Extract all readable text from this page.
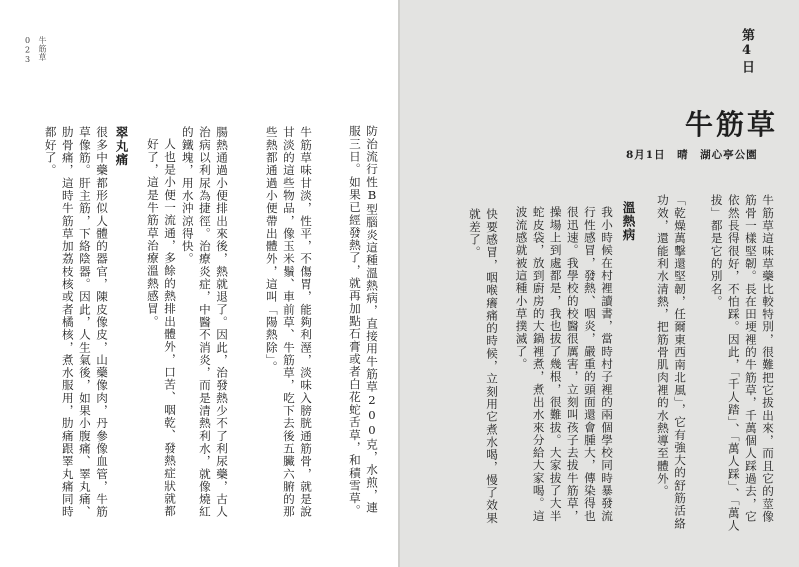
023 牛筋草
防治流行性B型腦炎這種溫熱病，直接用牛筋草200克，水煎，連服三日。如果已經發熱了，就再加點石膏或者白花蛇舌草，和積雪草。
牛筋草味甘淡，性平，不傷胃，能夠利溼，淡味入膀胱通筋骨，就是說甘淡的這些物品，像玉米鬚、車前草、牛筋草，吃下去後五臟六腑的那些熱都通過小便帶出體外，這叫「陽熱除」。
腸熱通過小便排出來後，熱就退了。因此，治發熱少不了利尿藥，古人治病以利尿為捷徑。治療炎症，中醫不消炎，而是清熱利水，就像燒紅的鐵塊，用水沖涼得快。
人也是小便一流通，多餘的熱排出體外，口苦、咽乾、發熱症狀就都好了，這是牛筋草治療溫熱感冒。
翠丸痛
很多中藥都形似人體的器官，陳皮像皮，山藥像肉，丹參像血管，牛筋草像筋。肝主筋，下絡陰器。因此，人生氣後，如果小腹痛、睪丸痛、肋骨痛，這時牛筋草加荔枝核或者橘核，煮水服用，肋痛跟睪丸痛同時都好了。
第4日
牛筋草
8月1日　晴　湖心亭公園
牛筋草這味草藥比較特別，很難把它拔出來，而且它的莖像筋骨一樣堅韌。長在田埂裡的牛筋草，千萬個人踩過去，它依然長得很好，不怕踩。因此，「千人踏」、「萬人踩」、「萬人拔」都是它的別名。
「乾燥萬擊還堅韌，任爾東西南北風」，它有強大的舒筋活絡功效，還能利水清熱，把筋骨肌肉裡的水熱導至體外。
溫熱病
我小時候在村裡讀書，當時村子裡的兩個學校同時暴發流行性感冒，發熱、咽炎，嚴重的頭面還會腫大，傳染得也很迅速。我學校的校醫很厲害，立刻叫孩子去拔牛筋草，操場上到處都是，我也拔了幾根，很難拔。大家拔了大半蛇皮袋，放到廚房的大鍋裡煮，煮出水來分給大家喝。這波流感就被這種小草撲滅了。
快要感冒，咽喉癢痛的時候，立刻用它煮水喝，慢了效果就差了。
